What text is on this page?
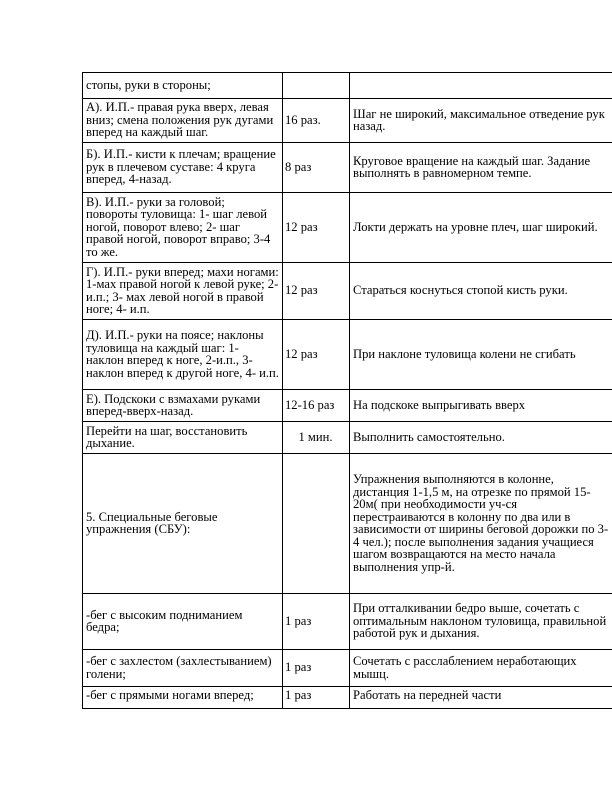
стопы, руки в стороны;		
А). И.П.- правая рука вверх, левая вниз; смена положения рук дугами вперед на каждый шаг.	16 раз.	Шаг не широкий, максимальное отведение рук назад.
Б). И.П.- кисти к плечам; вращение рук в плечевом суставе: 4 круга вперед, 4-назад.	8 раз	Круговое вращение на каждый шаг. Задание выполнять в равномерном темпе.
В). И.П.- руки за головой; повороты туловища: 1- шаг левой ногой, поворот влево; 2- шаг правой ногой, поворот вправо; 3-4 то же.	12 раз	Локти держать на уровне плеч, шаг широкий.
Г). И.П.- руки вперед; махи ногами: 1-мах правой ногой к левой руке; 2-и.п.; 3- мах левой ногой в правой ноге; 4- и.п.	12 раз	Стараться коснуться стопой кисть руки.
Д). И.П.- руки на поясе; наклоны туловища на каждый шаг: 1- наклон вперед к ноге, 2-и.п., 3- наклон вперед к другой ноге, 4- и.п.	12 раз	При наклоне туловища колени не сгибать
Е). Подскоки с взмахами руками вперед-вверх-назад.	12-16 раз	На подскоке выпрыгивать вверх
Перейти на шаг, восстановить дыхание.	1 мин.	Выполнить самостоятельно.
5. Специальные беговые упражнения (СБУ):		Упражнения выполняются в колонне, дистанция 1-1,5 м, на отрезке по прямой 15-20м( при необходимости уч-ся перестраиваются в колонну по два или в зависимости от ширины беговой дорожки по 3-4 чел.); после выполнения задания учащиеся шагом возвращаются на место начала выполнения упр-й.
-бег с высоким подниманием бедра;	1 раз	При отталкивании бедро выше, сочетать с оптимальным наклоном туловища, правильной работой рук и дыхания.
-бег с захлестом (захлестыванием) голени;	1 раз	Сочетать с расслаблением неработающих мышц.
-бег с прямыми ногами вперед;	1 раз	Работать на передней части
